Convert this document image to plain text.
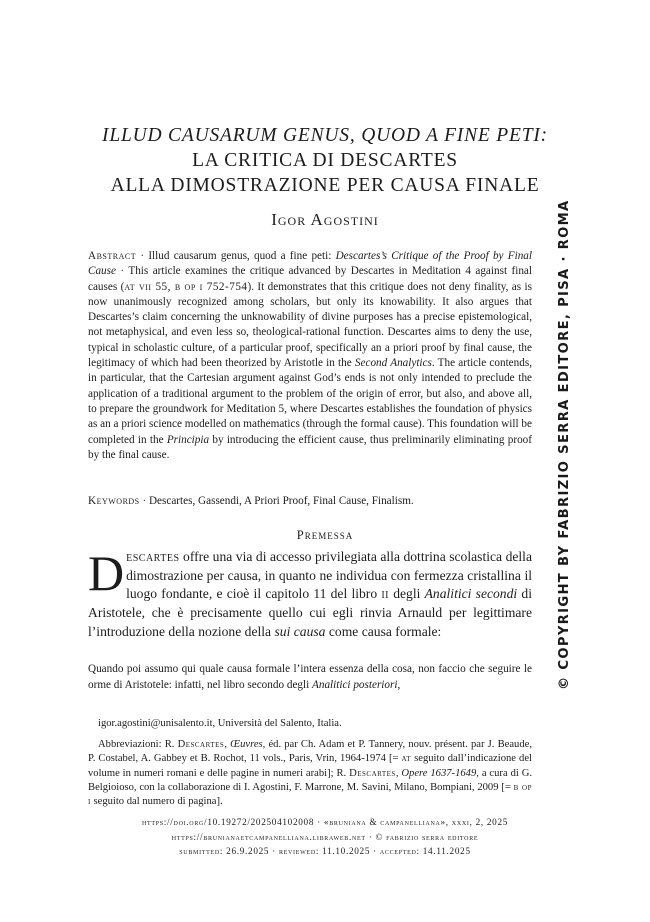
ILLUD CAUSARUM GENUS, QUOD A FINE PETI:
LA CRITICA DI DESCARTES
ALLA DIMOSTRAZIONE PER CAUSA FINALE
Igor Agostini
Abstract · Illud causarum genus, quod a fine peti: Descartes’s Critique of the Proof by Final Cause · This article examines the critique advanced by Descartes in Meditation 4 against final causes (at vii 55, b op i 752-754). It demonstrates that this critique does not deny finality, as is now unanimously recognized among scholars, but only its knowability. It also argues that Descartes’s claim concerning the unknowability of divine purposes has a precise epistemological, not metaphysical, and even less so, theological-rational function. Descartes aims to deny the use, typical in scholastic culture, of a particular proof, specifically an a priori proof by final cause, the legitimacy of which had been theorized by Aristotle in the Second Analytics. The article contends, in particular, that the Cartesian argument against God’s ends is not only intended to preclude the application of a traditional argument to the problem of the origin of error, but also, and above all, to prepare the groundwork for Meditation 5, where Descartes establishes the foundation of physics as an a priori science modelled on mathematics (through the formal cause). This foundation will be completed in the Principia by introducing the efficient cause, thus preliminarily eliminating proof by the final cause.
Keywords · Descartes, Gassendi, A Priori Proof, Final Cause, Finalism.
Premessa
Descartes offre una via di accesso privilegiata alla dottrina scolastica della dimostrazione per causa, in quanto ne individua con fermezza cristallina il luogo fondante, e cioè il capitolo 11 del libro ii degli Analitici secondi di Aristotele, che è precisamente quello cui egli rinvia Arnauld per legittimare l’introduzione della nozione della sui causa come causa formale:
Quando poi assumo qui quale causa formale l’intera essenza della cosa, non faccio che seguire le orme di Aristotele: infatti, nel libro secondo degli Analitici posteriori,
igor.agostini@unisalento.it, Università del Salento, Italia.
Abbreviazioni: R. Descartes, Œuvres, éd. par Ch. Adam et P. Tannery, nouv. présent. par J. Beaude, P. Costabel, A. Gabbey et B. Rochot, 11 vols., Paris, Vrin, 1964-1974 [= at seguito dall’indicazione del volume in numeri romani e delle pagine in numeri arabi]; R. Descartes, Opere 1637-1649, a cura di G. Belgioioso, con la collaborazione di I. Agostini, F. Marrone, M. Savini, Milano, Bompiani, 2009 [= b op i seguito dal numero di pagina].
https://doi.org/10.19272/202504102008 · «bruniana & campanelliana», xxxi, 2, 2025
https://brunianaetcampanelliana.libraweb.net · © fabrizio serra editore
submitted: 26.9.2025 · reviewed: 11.10.2025 · accepted: 14.11.2025
© COPYRIGHT BY FABRIZIO SERRA EDITORE, PISA · ROMA
